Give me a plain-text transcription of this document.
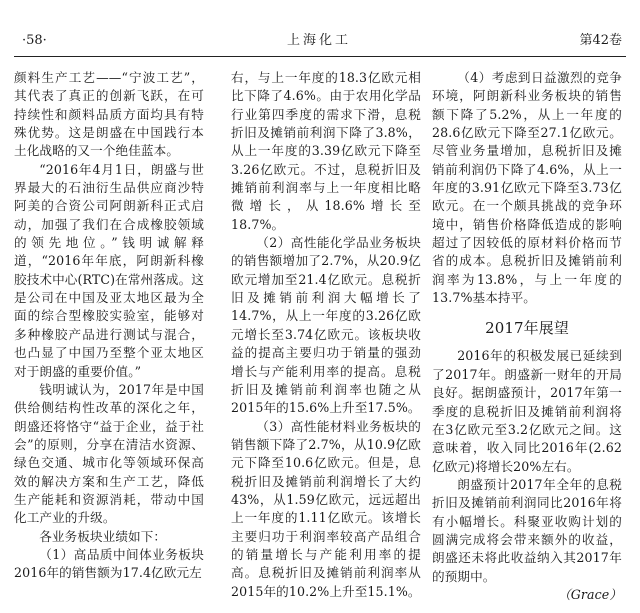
·58·	上海化工	第42卷

颜料生产工艺——“宁波工艺”，其代表了真正的创新飞跃，在可持续性和颜料品质方面均具有特殊优势。这是朗盛在中国践行本土化战略的又一个绝佳蓝本。

“2016年4月1日，朗盛与世界最大的石油衍生品供应商沙特阿美的合资公司阿朗新科正式启动，加强了我们在合成橡胶领域的领先地位。”钱明诚解释道，“2016年年底，阿朗新科橡胶技术中心(RTC)在常州落成。这是公司在中国及亚太地区最为全面的综合型橡胶实验室，能够对多种橡胶产品进行测试与混合，也凸显了中国乃至整个亚太地区对于朗盛的重要价值。”

钱明诚认为，2017年是中国供给侧结构性改革的深化之年，朗盛还将恪守“益于企业，益于社会”的原则，分享在清洁水资源、绿色交通、城市化等领域环保高效的解决方案和生产工艺，降低生产能耗和资源消耗，带动中国化工产业的升级。

各业务板块业绩如下：

（1）高品质中间体业务板块2016年的销售额为17.4亿欧元左

右，与上一年度的18.3亿欧元相比下降了4.6%。由于农用化学品行业第四季度的需求下滑，息税折旧及摊销前利润下降了3.8%，从上一年度的3.39亿欧元下降至3.26亿欧元。不过，息税折旧及摊销前利润率与上一年度相比略微增长，从18.6%增长至18.7%。

（2）高性能化学品业务板块的销售额增加了2.7%，从20.9亿欧元增加至21.4亿欧元。息税折旧及摊销前利润大幅增长了14.7%，从上一年度的3.26亿欧元增长至3.74亿欧元。该板块收益的提高主要归功于销量的强劲增长与产能利用率的提高。息税折旧及摊销前利润率也随之从2015年的15.6%上升至17.5%。

（3）高性能材料业务板块的销售额下降了2.7%，从10.9亿欧元下降至10.6亿欧元。但是，息税折旧及摊销前利润增长了大约43%，从1.59亿欧元，远远超出上一年度的1.11亿欧元。该增长主要归功于利润率较高产品组合的销量增长与产能利用率的提高。息税折旧及摊销前利润率从2015年的10.2%上升至15.1%。

（4）考虑到日益激烈的竞争环境，阿朗新科业务板块的销售额下降了5.2%，从上一年度的28.6亿欧元下降至27.1亿欧元。尽管业务量增加，息税折旧及摊销前利润仍下降了4.6%，从上一年度的3.91亿欧元下降至3.73亿欧元。在一个颇具挑战的竞争环境中，销售价格降低造成的影响超过了因较低的原材料价格而节省的成本。息税折旧及摊销前利润率为13.8%，与上一年度的13.7%基本持平。

2017年展望

2016年的积极发展已延续到了2017年。朗盛新一财年的开局良好。据朗盛预计，2017年第一季度的息税折旧及摊销前利润将在3亿欧元至3.2亿欧元之间。这意味着，收入同比2016年(2.62亿欧元)将增长20%左右。

朗盛预计2017年全年的息税折旧及摊销前利润同比2016年将有小幅增长。科聚亚收购计划的圆满完成将会带来额外的收益，朗盛还未将此收益纳入其2017年的预期中。

（Grace）
